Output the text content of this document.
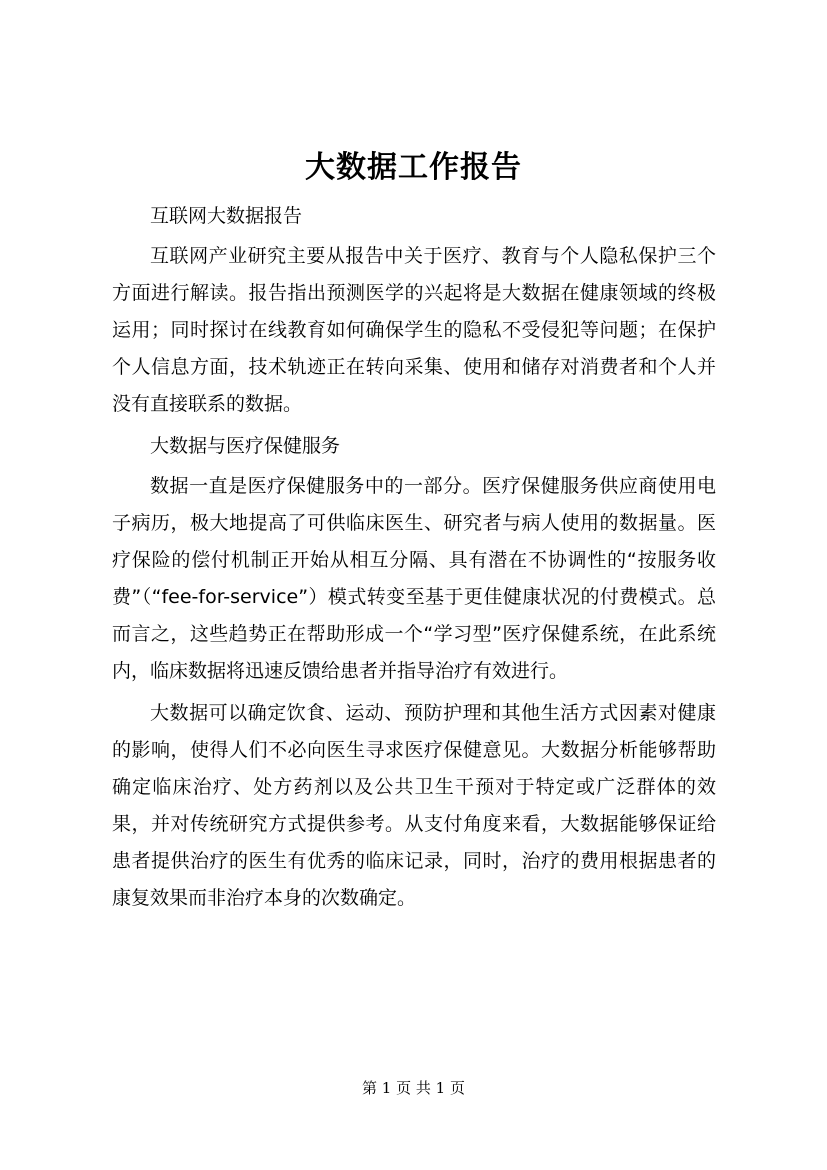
大数据工作报告

互联网大数据报告

互联网产业研究主要从报告中关于医疗、教育与个人隐私保护三个方面进行解读。报告指出预测医学的兴起将是大数据在健康领域的终极运用；同时探讨在线教育如何确保学生的隐私不受侵犯等问题；在保护个人信息方面，技术轨迹正在转向采集、使用和储存对消费者和个人并没有直接联系的数据。

大数据与医疗保健服务

数据一直是医疗保健服务中的一部分。医疗保健服务供应商使用电子病历，极大地提高了可供临床医生、研究者与病人使用的数据量。医疗保险的偿付机制正开始从相互分隔、具有潜在不协调性的“按服务收费”（“fee-for-service”）模式转变至基于更佳健康状况的付费模式。总而言之，这些趋势正在帮助形成一个“学习型”医疗保健系统，在此系统内，临床数据将迅速反馈给患者并指导治疗有效进行。

大数据可以确定饮食、运动、预防护理和其他生活方式因素对健康的影响，使得人们不必向医生寻求医疗保健意见。大数据分析能够帮助确定临床治疗、处方药剂以及公共卫生干预对于特定或广泛群体的效果，并对传统研究方式提供参考。从支付角度来看，大数据能够保证给患者提供治疗的医生有优秀的临床记录，同时，治疗的费用根据患者的康复效果而非治疗本身的次数确定。

第 1 页 共 1 页
